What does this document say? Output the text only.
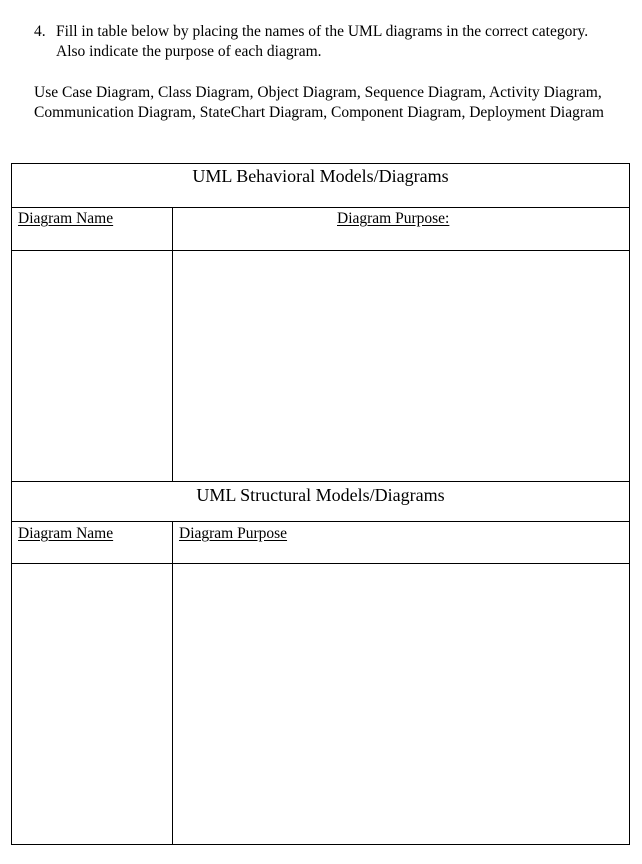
4. Fill in table below by placing the names of the UML diagrams in the correct category. Also indicate the purpose of each diagram.
Use Case Diagram, Class Diagram, Object Diagram, Sequence Diagram, Activity Diagram, Communication Diagram, StateChart Diagram, Component Diagram, Deployment Diagram
UML Behavioral Models/Diagrams
Diagram Name	Diagram Purpose:
UML Structural Models/Diagrams
Diagram Name	Diagram Purpose
